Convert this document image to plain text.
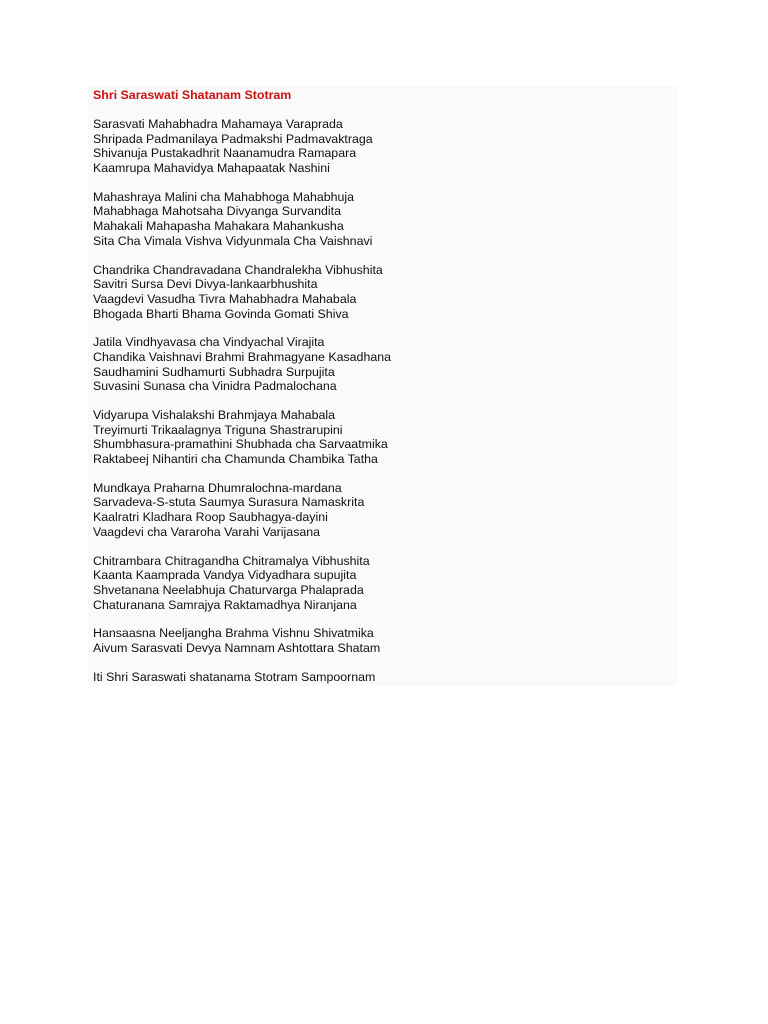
Shri Saraswati Shatanam Stotram
Sarasvati Mahabhadra Mahamaya Varaprada
Shripada Padmanilaya Padmakshi Padmavaktraga
Shivanuja Pustakadhrit Naanamudra Ramapara
Kaamrupa Mahavidya Mahapaatak Nashini
Mahashraya Malini cha Mahabhoga Mahabhuja
Mahabhaga Mahotsaha Divyanga Survandita
Mahakali Mahapasha Mahakara Mahankusha
Sita Cha Vimala Vishva Vidyunmala Cha Vaishnavi
Chandrika Chandravadana Chandralekha Vibhushita
Savitri Sursa Devi Divya-lankaarbhushita
Vaagdevi Vasudha Tivra Mahabhadra Mahabala
Bhogada Bharti Bhama Govinda Gomati Shiva
Jatila Vindhyavasa cha Vindyachal Virajita
Chandika Vaishnavi Brahmi Brahmagyane Kasadhana
Saudhamini Sudhamurti Subhadra Surpujita
Suvasini Sunasa cha Vinidra Padmalochana
Vidyarupa Vishalakshi Brahmjaya Mahabala
Treyimurti Trikaalagnya Triguna Shastrarupini
Shumbhasura-pramathini Shubhada cha Sarvaatmika
Raktabeej Nihantiri cha Chamunda Chambika Tatha
Mundkaya Praharna Dhumralochna-mardana
Sarvadeva-S-stuta Saumya Surasura Namaskrita
Kaalratri Kladhara Roop Saubhagya-dayini
Vaagdevi cha Vararoha Varahi Varijasana
Chitrambara Chitragandha Chitramalya Vibhushita
Kaanta Kaamprada Vandya Vidyadhara supujita
Shvetanana Neelabhuja Chaturvarga Phalaprada
Chaturanana Samrajya Raktamadhya Niranjana
Hansaasna Neeljangha Brahma Vishnu Shivatmika
Aivum Sarasvati Devya Namnam Ashtottara Shatam
Iti Shri Saraswati shatanama Stotram Sampoornam
